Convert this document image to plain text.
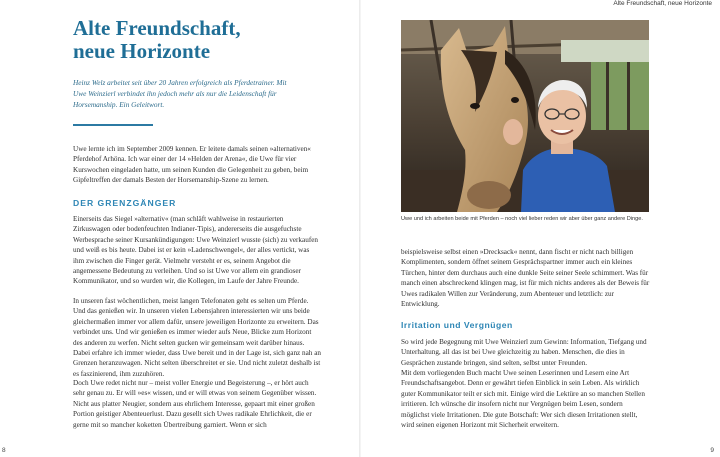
Alte Freundschaft,
neue Horizonte
Heinz Welz arbeitet seit über 20 Jahren erfolgreich als Pferdetrainer. Mit Uwe Weinzierl verbindet ihn jedoch mehr als nur die Leidenschaft für Horsemanship. Ein Geleitwort.

Uwe lernte ich im September 2009 kennen. Er leitete damals seinen »alternativen« Pferdehof Arhöna. Ich war einer der 14 »Helden der Arena«, die Uwe für vier Kurswochen eingeladen hatte, um seinen Kunden die Gelegenheit zu geben, beim Gipfeltreffen der damals Besten der Horsemanship-Szene zu lernen.

DER GRENZGÄNGER

Einerseits das Siegel »alternativ« (man schläft wahlweise in restaurierten Zirkuswagen oder bodenfeuchten Indianer-Tipis), andererseits die ausgefuchste Werbesprache seiner Kursankündigungen: Uwe Weinzierl wusste (sich) zu verkaufen und weiß es bis heute. Dabei ist er kein »Ladenschwengel«, der alles vertickt, was ihm zwischen die Finger gerät. Vielmehr versteht er es, seinem Angebot die angemessene Bedeutung zu verleihen. Und so ist Uwe vor allem ein grandioser Kommunikator, und so wurden wir, die Kollegen, im Laufe der Jahre Freunde.

In unseren fast wöchentlichen, meist langen Telefonaten geht es selten um Pferde. Und das genießen wir. In unseren vielen Lebensjahren interessierten wir uns beide gleichermaßen immer vor allem dafür, unsere jeweiligen Horizonte zu erweitern. Das verbindet uns. Und wir genießen es immer wieder aufs Neue, Blicke zum Horizont des anderen zu werfen. Nicht selten gucken wir gemeinsam weit darüber hinaus. Dabei erfahre ich immer wieder, dass Uwe bereit und in der Lage ist, sich ganz nah an Grenzen heranzuwagen. Nicht selten überschreitet er sie. Und nicht zuletzt deshalb ist es faszinierend, ihm zuzuhören.

Doch Uwe redet nicht nur – meist voller Energie und Begeisterung –, er hört auch sehr genau zu. Er will »es« wissen, und er will etwas von seinem Gegenüber wissen. Nicht aus platter Neugier, sondern aus ehrlichem Interesse, gepaart mit einer großen Portion geistiger Abenteuerlust. Dazu gesellt sich Uwes radikale Ehrlichkeit, die er gerne mit so mancher koketten Übertreibung garniert. Wenn er sich

8
Alte Freundschaft, neue Horizonte
Uwe und ich arbeiten beide mit Pferden – noch viel lieber reden wir aber über ganz andere Dinge.

beispielsweise selbst einen »Drecksack« nennt, dann fischt er nicht nach billigen Komplimenten, sondern öffnet seinem Gesprächspartner immer auch ein kleines Türchen, hinter dem durchaus auch eine dunkle Seite seiner Seele schimmert. Was für manch einen abschreckend klingen mag, ist für mich nichts anderes als der Beweis für Uwes radikalen Willen zur Veränderung, zum Abenteuer und letztlich: zur Entwicklung.

Irritation und Vergnügen

So wird jede Begegnung mit Uwe Weinzierl zum Gewinn: Information, Tiefgang und Unterhaltung, all das ist bei Uwe gleichzeitig zu haben. Menschen, die dies in Gesprächen zustande bringen, sind selten, selbst unter Freunden.

Mit dem vorliegenden Buch macht Uwe seinen Leserinnen und Lesern eine Art Freundschaftsangebot. Denn er gewährt tiefen Einblick in sein Leben. Als wirklich guter Kommunikator teilt er sich mit. Einige wird die Lektüre an so manchen Stellen irritieren. Ich wünsche dir insofern nicht nur Vergnügen beim Lesen, sondern möglichst viele Irritationen. Die gute Botschaft: Wer sich diesen Irritationen stellt, wird seinen eigenen Horizont mit Sicherheit erweitern.

9
